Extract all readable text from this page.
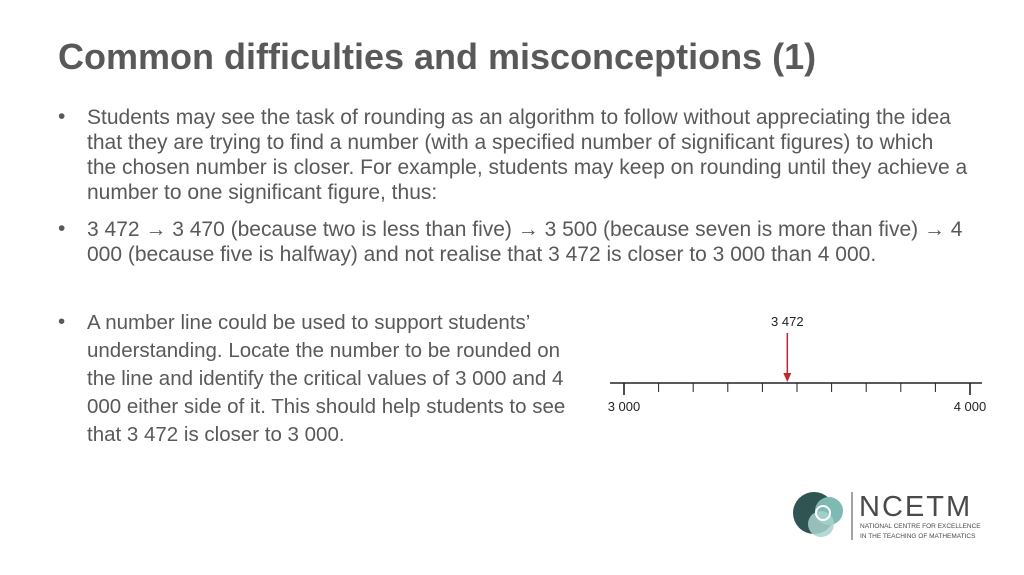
Common difficulties and misconceptions (1)
• Students may see the task of rounding as an algorithm to follow without appreciating the idea that they are trying to find a number (with a specified number of significant figures) to which the chosen number is closer. For example, students may keep on rounding until they achieve a number to one significant figure, thus:
• 3 472 → 3 470 (because two is less than five) → 3 500 (because seven is more than five) → 4 000 (because five is halfway) and not realise that 3 472 is closer to 3 000 than 4 000.
• A number line could be used to support students’ understanding. Locate the number to be rounded on the line and identify the critical values of 3 000 and 4 000 either side of it. This should help students to see that 3 472 is closer to 3 000.
3 472
3 000	4 000
NCETM
NATIONAL CENTRE FOR EXCELLENCE
IN THE TEACHING OF MATHEMATICS
